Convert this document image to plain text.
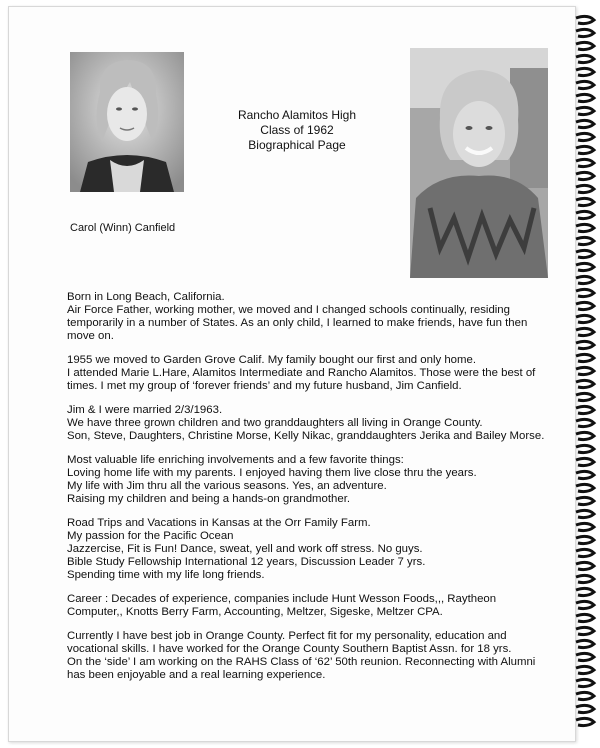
Rancho Alamitos High
Class of 1962
Biographical Page
Carol (Winn) Canfield
Born in Long Beach, California.
Air Force Father, working mother, we moved and I changed schools continually, residing
temporarily in a number of States. As an only child, I learned to make friends, have fun then
move on.
1955 we moved to Garden Grove Calif. My family bought our first and only home.
I attended Marie L.Hare, Alamitos Intermediate and Rancho Alamitos. Those were the best of
times. I met my group of ‘forever friends’ and my future husband, Jim Canfield.
Jim & I were married 2/3/1963.
We have three grown children and two granddaughters all living in Orange County.
Son, Steve, Daughters, Christine Morse, Kelly Nikac, granddaughters Jerika and Bailey Morse.
Most valuable life enriching involvements and a few favorite things:
Loving home life with my parents. I enjoyed having them live close thru the years.
My life with Jim thru all the various seasons. Yes, an adventure.
Raising my children and being a hands-on grandmother.
Road Trips and Vacations in Kansas at the Orr Family Farm.
My passion for the Pacific Ocean
Jazzercise, Fit is Fun! Dance, sweat, yell and work off stress. No guys.
Bible Study Fellowship International 12 years, Discussion Leader 7 yrs.
Spending time with my life long friends.
Career : Decades of experience, companies include Hunt Wesson Foods,,, Raytheon
Computer,, Knotts Berry Farm, Accounting, Meltzer, Sigeske, Meltzer CPA.
Currently I have best job in Orange County. Perfect fit for my personality, education and
vocational skills. I have worked for the Orange County Southern Baptist Assn. for 18 yrs.
On the ‘side’ I am working on the RAHS Class of ‘62’ 50th reunion. Reconnecting with Alumni
has been enjoyable and a real learning experience.
